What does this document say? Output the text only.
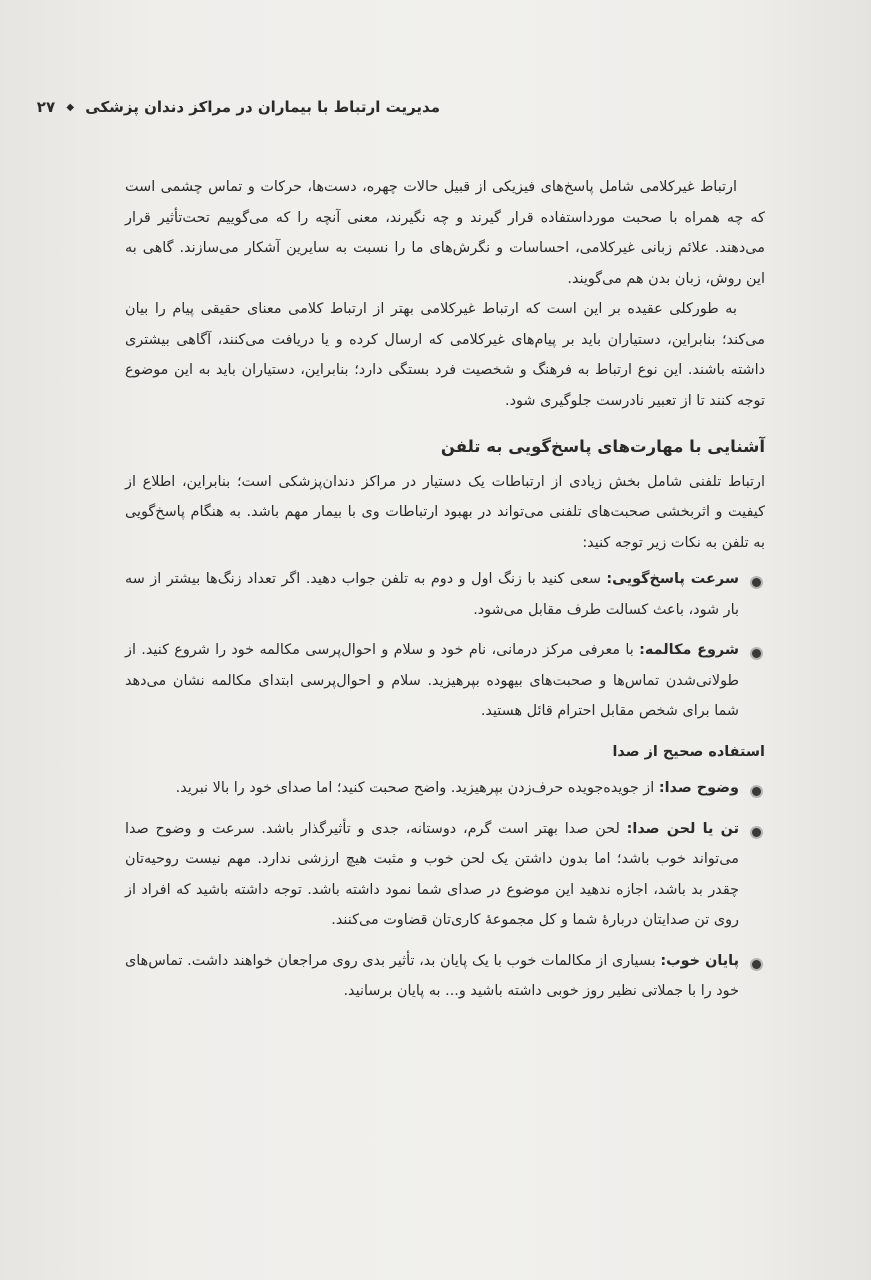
مدیریت ارتباط با بیماران در مراکز دندان پزشکی ◆ ۲۷

ارتباط غیرکلامی شامل پاسخ‌های فیزیکی از قبیل حالات چهره، دست‌ها، حرکات و تماس چشمی است که چه همراه با صحبت مورداستفاده قرار گیرند و چه نگیرند، معنی آنچه را که می‌گوییم تحت‌تأثیر قرار می‌دهند. علائم زبانی غیرکلامی، احساسات و نگرش‌های ما را نسبت به سایرین آشکار می‌سازند. گاهی به این روش، زبان بدن هم می‌گویند.

به طورکلی عقیده بر این است که ارتباط غیرکلامی بهتر از ارتباط کلامی معنای حقیقی پیام را بیان می‌کند؛ بنابراین، دستیاران باید بر پیام‌های غیرکلامی که ارسال کرده و یا دریافت می‌کنند، آگاهی بیشتری داشته باشند. این نوع ارتباط به فرهنگ و شخصیت فرد بستگی دارد؛ بنابراین، دستیاران باید به این موضوع توجه کنند تا از تعبیر نادرست جلوگیری شود.

آشنایی با مهارت‌های پاسخ‌گویی به تلفن

ارتباط تلفنی شامل بخش زیادی از ارتباطات یک دستیار در مراکز دندان‌پزشکی است؛ بنابراین، اطلاع از کیفیت و اثربخشی صحبت‌های تلفنی می‌تواند در بهبود ارتباطات وی با بیمار مهم باشد. به هنگام پاسخ‌گویی به تلفن به نکات زیر توجه کنید:

سرعت پاسخ‌گویی: سعی کنید با زنگ اول و دوم به تلفن جواب دهید. اگر تعداد زنگ‌ها بیشتر از سه بار شود، باعث کسالت طرف مقابل می‌شود.
شروع مکالمه: با معرفی مرکز درمانی، نام خود و سلام و احوال‌پرسی مکالمه خود را شروع کنید. از طولانی‌شدن تماس‌ها و صحبت‌های بیهوده بپرهیزید. سلام و احوال‌پرسی ابتدای مکالمه نشان می‌دهد شما برای شخص مقابل احترام قائل هستید.

استفاده صحیح از صدا

وضوح صدا: از جویده‌جویده حرف‌زدن بپرهیزید. واضح صحبت کنید؛ اما صدای خود را بالا نبرید.
تن یا لحن صدا: لحن صدا بهتر است گرم، دوستانه، جدی و تأثیرگذار باشد. سرعت و وضوح صدا می‌تواند خوب باشد؛ اما بدون داشتن یک لحن خوب و مثبت هیچ ارزشی ندارد. مهم نیست روحیه‌تان چقدر بد باشد، اجازه ندهید این موضوع در صدای شما نمود داشته باشد. توجه داشته باشید که افراد از روی تن صدایتان دربارهٔ شما و کل مجموعهٔ کاری‌تان قضاوت می‌کنند.
پایان خوب: بسیاری از مکالمات خوب با یک پایان بد، تأثیر بدی روی مراجعان خواهند داشت. تماس‌های خود را با جملاتی نظیر روز خوبی داشته باشید و... به پایان برسانید.
